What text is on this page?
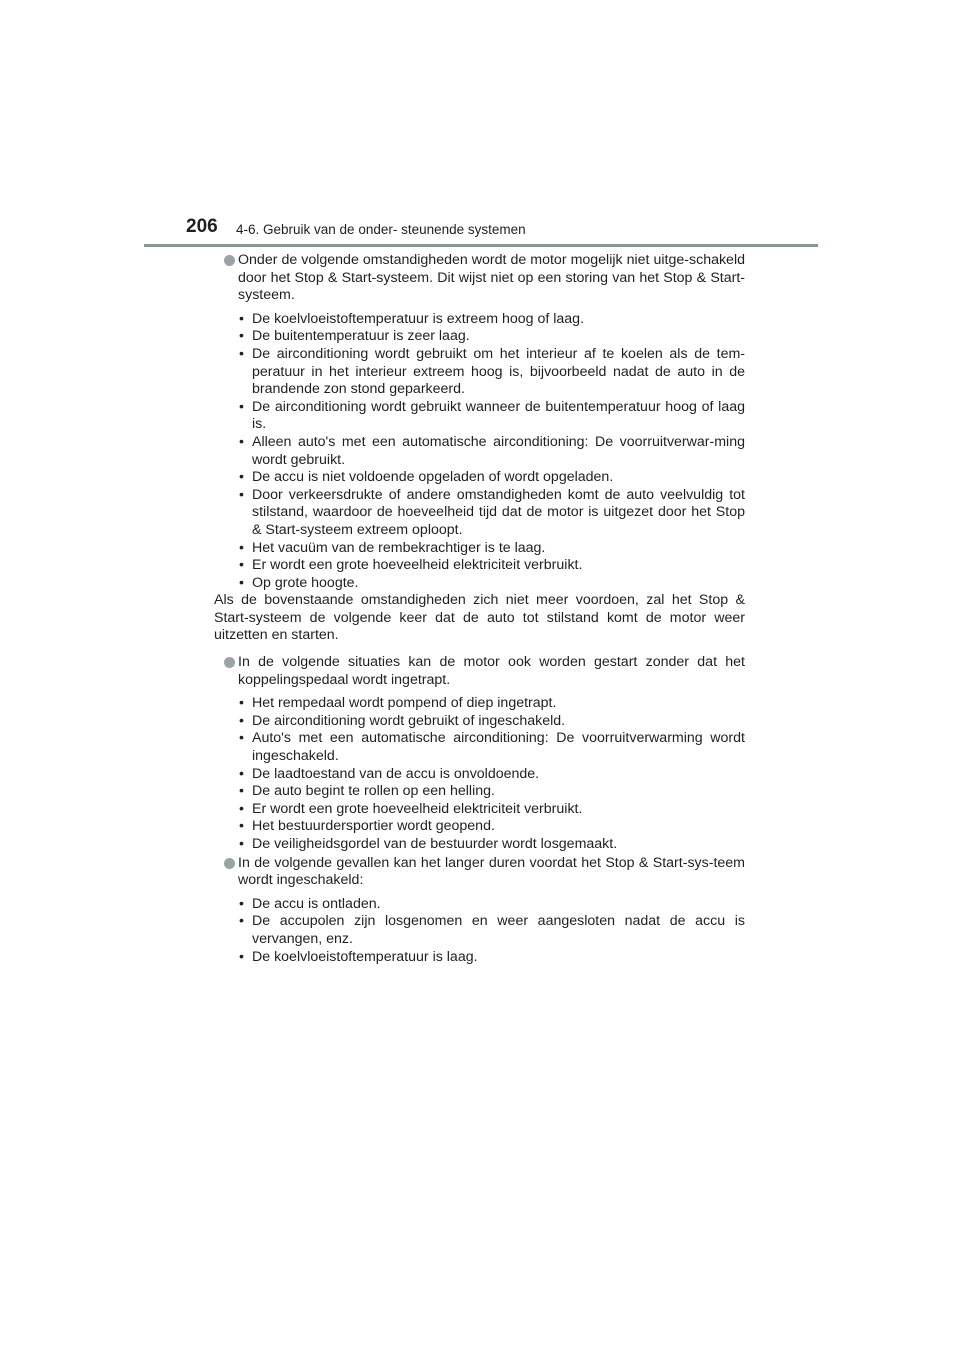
206 4-6. Gebruik van de onder- steunende systemen
Onder de volgende omstandigheden wordt de motor mogelijk niet uitge-schakeld door het Stop & Start-systeem. Dit wijst niet op een storing van het Stop & Start-systeem.
• De koelvloeistoftemperatuur is extreem hoog of laag.
• De buitentemperatuur is zeer laag.
• De airconditioning wordt gebruikt om het interieur af te koelen als de tem-peratuur in het interieur extreem hoog is, bijvoorbeeld nadat de auto in de brandende zon stond geparkeerd.
• De airconditioning wordt gebruikt wanneer de buitentemperatuur hoog of laag is.
• Alleen auto's met een automatische airconditioning: De voorruitverwar-ming wordt gebruikt.
• De accu is niet voldoende opgeladen of wordt opgeladen.
• Door verkeersdrukte of andere omstandigheden komt de auto veelvuldig tot stilstand, waardoor de hoeveelheid tijd dat de motor is uitgezet door het Stop & Start-systeem extreem oploopt.
• Het vacuüm van de rembekrachtiger is te laag.
• Er wordt een grote hoeveelheid elektriciteit verbruikt.
• Op grote hoogte.
Als de bovenstaande omstandigheden zich niet meer voordoen, zal het Stop & Start-systeem de volgende keer dat de auto tot stilstand komt de motor weer uitzetten en starten.
In de volgende situaties kan de motor ook worden gestart zonder dat het koppelingspedaal wordt ingetrapt.
• Het rempedaal wordt pompend of diep ingetrapt.
• De airconditioning wordt gebruikt of ingeschakeld.
• Auto's met een automatische airconditioning: De voorruitverwarming wordt ingeschakeld.
• De laadtoestand van de accu is onvoldoende.
• De auto begint te rollen op een helling.
• Er wordt een grote hoeveelheid elektriciteit verbruikt.
• Het bestuurdersportier wordt geopend.
• De veiligheidsgordel van de bestuurder wordt losgemaakt.
In de volgende gevallen kan het langer duren voordat het Stop & Start-sys-teem wordt ingeschakeld:
• De accu is ontladen.
• De accupolen zijn losgenomen en weer aangesloten nadat de accu is vervangen, enz.
• De koelvloeistoftemperatuur is laag.
